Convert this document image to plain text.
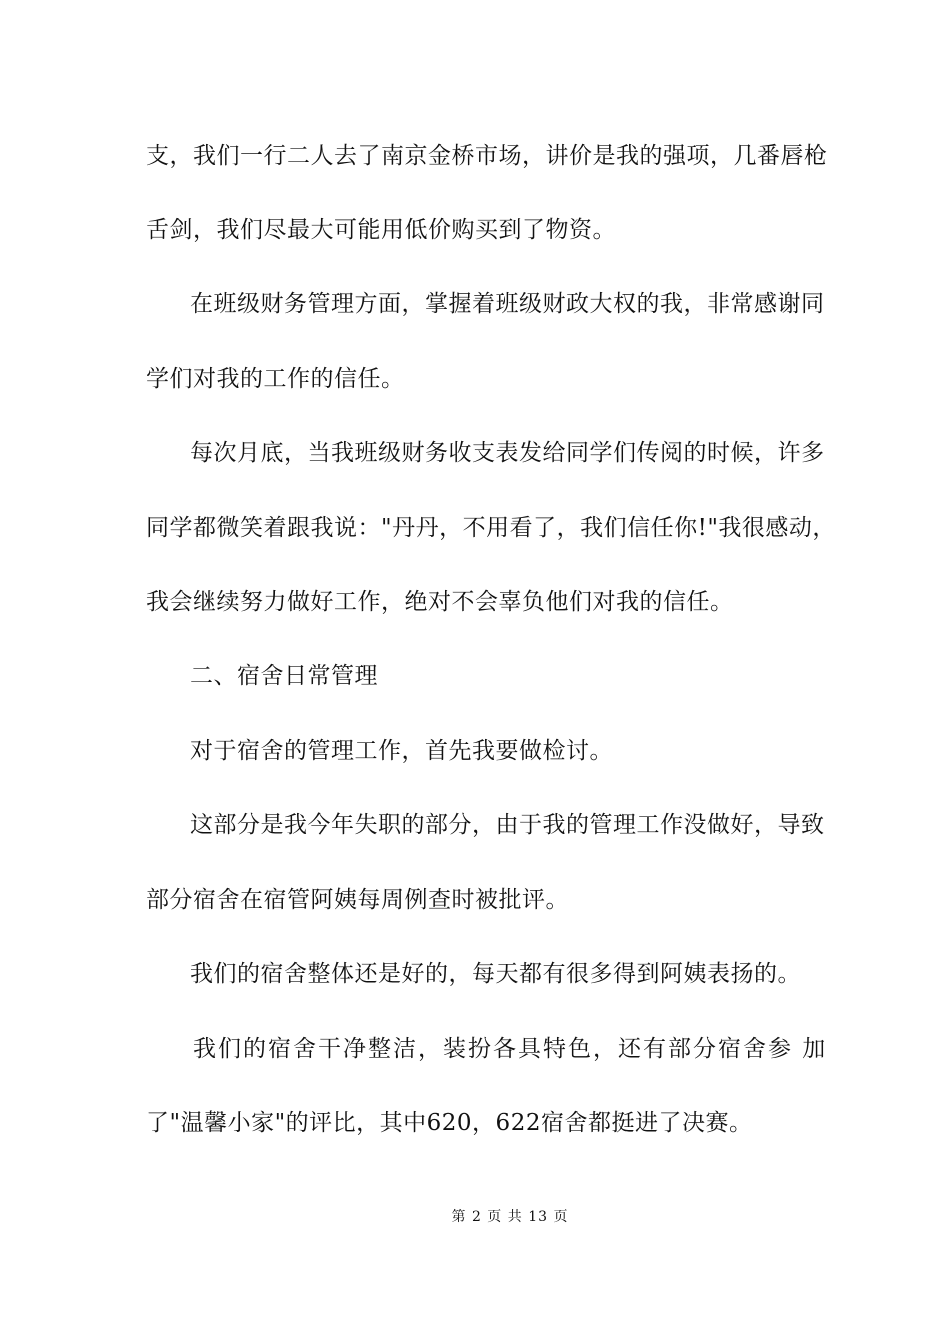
支，我们一行二人去了南京金桥市场，讲价是我的强项，几番唇枪
舌剑，我们尽最大可能用低价购买到了物资。
在班级财务管理方面，掌握着班级财政大权的我，非常感谢同
学们对我的工作的信任。
每次月底，当我班级财务收支表发给同学们传阅的时候，许多
同学都微笑着跟我说："丹丹，不用看了，我们信任你!"我很感动，
我会继续努力做好工作，绝对不会辜负他们对我的信任。
二、宿舍日常管理
对于宿舍的管理工作，首先我要做检讨。
这部分是我今年失职的部分，由于我的管理工作没做好，导致
部分宿舍在宿管阿姨每周例查时被批评。
我们的宿舍整体还是好的，每天都有很多得到阿姨表扬的。
我们的宿舍干净整洁，装扮各具特色，还有部分宿舍参 加
了"温馨小家"的评比，其中620，622宿舍都挺进了决赛。
第 2 页 共 13 页
